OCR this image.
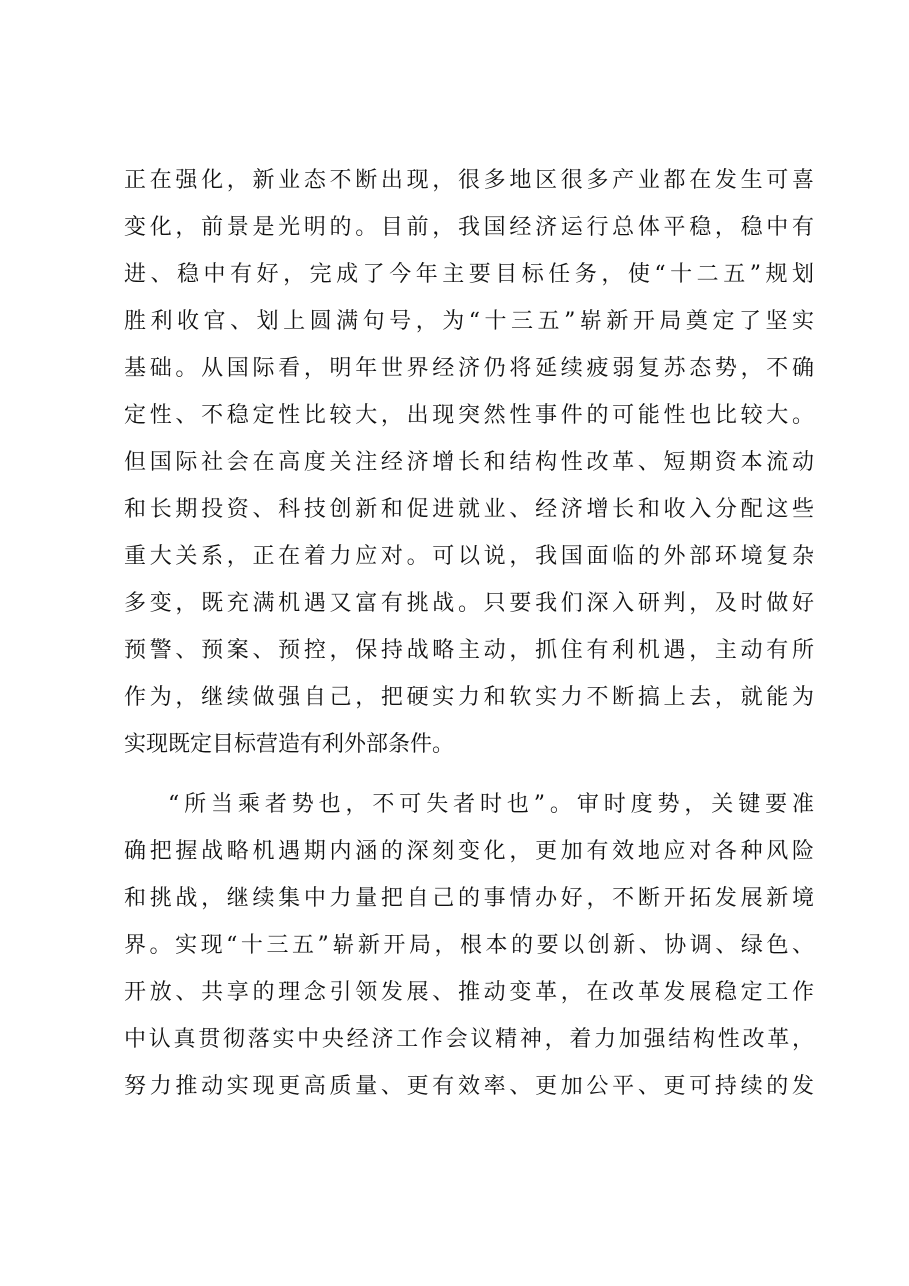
正在强化，新业态不断出现，很多地区很多产业都在发生可喜

变化，前景是光明的。目前，我国经济运行总体平稳，稳中有

进、稳中有好，完成了今年主要目标任务，使“十二五”规划

胜利收官、划上圆满句号，为“十三五”崭新开局奠定了坚实

基础。从国际看，明年世界经济仍将延续疲弱复苏态势，不确

定性、不稳定性比较大，出现突然性事件的可能性也比较大。

但国际社会在高度关注经济增长和结构性改革、短期资本流动

和长期投资、科技创新和促进就业、经济增长和收入分配这些

重大关系，正在着力应对。可以说，我国面临的外部环境复杂

多变，既充满机遇又富有挑战。只要我们深入研判，及时做好

预警、预案、预控，保持战略主动，抓住有利机遇，主动有所

作为，继续做强自己，把硬实力和软实力不断搞上去，就能为

实现既定目标营造有利外部条件。

“所当乘者势也，不可失者时也”。审时度势，关键要准

确把握战略机遇期内涵的深刻变化，更加有效地应对各种风险

和挑战，继续集中力量把自己的事情办好，不断开拓发展新境

界。实现“十三五”崭新开局，根本的要以创新、协调、绿色、

开放、共享的理念引领发展、推动变革，在改革发展稳定工作

中认真贯彻落实中央经济工作会议精神，着力加强结构性改革，

努力推动实现更高质量、更有效率、更加公平、更可持续的发
